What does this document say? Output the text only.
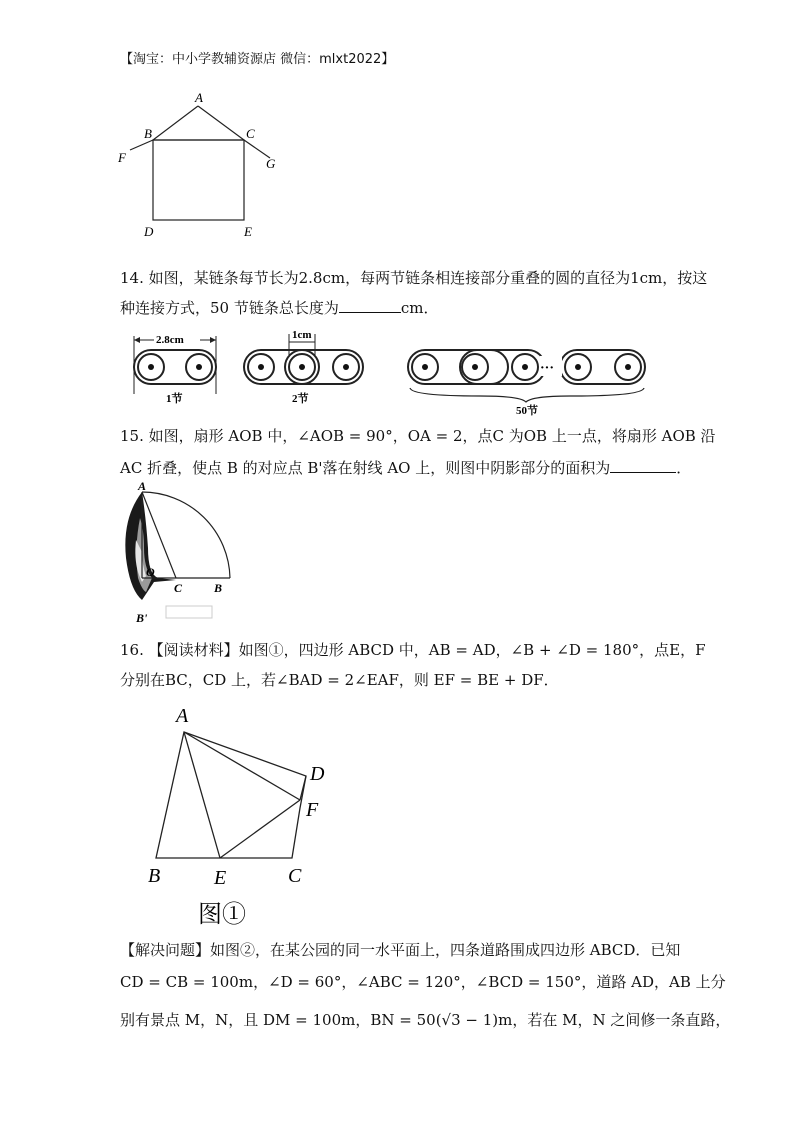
【淘宝：中小学教辅资源店 微信：mlxt2022】
A
B	C
F	G
D	E
14. 如图，某链条每节长为2.8cm，每两节链条相连接部分重叠的圆的直径为1cm，按这
种连接方式，50 节链条总长度为	cm．
2.8cm
1节
1cm
2节
···
50节
15. 如图，扇形 AOB 中，∠AOB = 90°，OA = 2，点C 为OB 上一点，将扇形 AOB 沿
AC 折叠，使点 B 的对应点 B'落在射线 AO 上，则图中阴影部分的面积为	．
A
O
C	B
B'
16. 【阅读材料】如图①，四边形 ABCD 中，AB = AD，∠B + ∠D = 180°，点E，F
分别在BC，CD 上，若∠BAD = 2∠EAF，则 EF = BE + DF．
A
D
F
B	E	C
图①
【解决问题】如图②，在某公园的同一水平面上，四条道路围成四边形 ABCD．已知
CD = CB = 100m，∠D = 60°，∠ABC = 120°，∠BCD = 150°，道路 AD，AB 上分
别有景点 M，N，且 DM = 100m，BN = 50(√3 − 1)m，若在 M，N 之间修一条直路，
